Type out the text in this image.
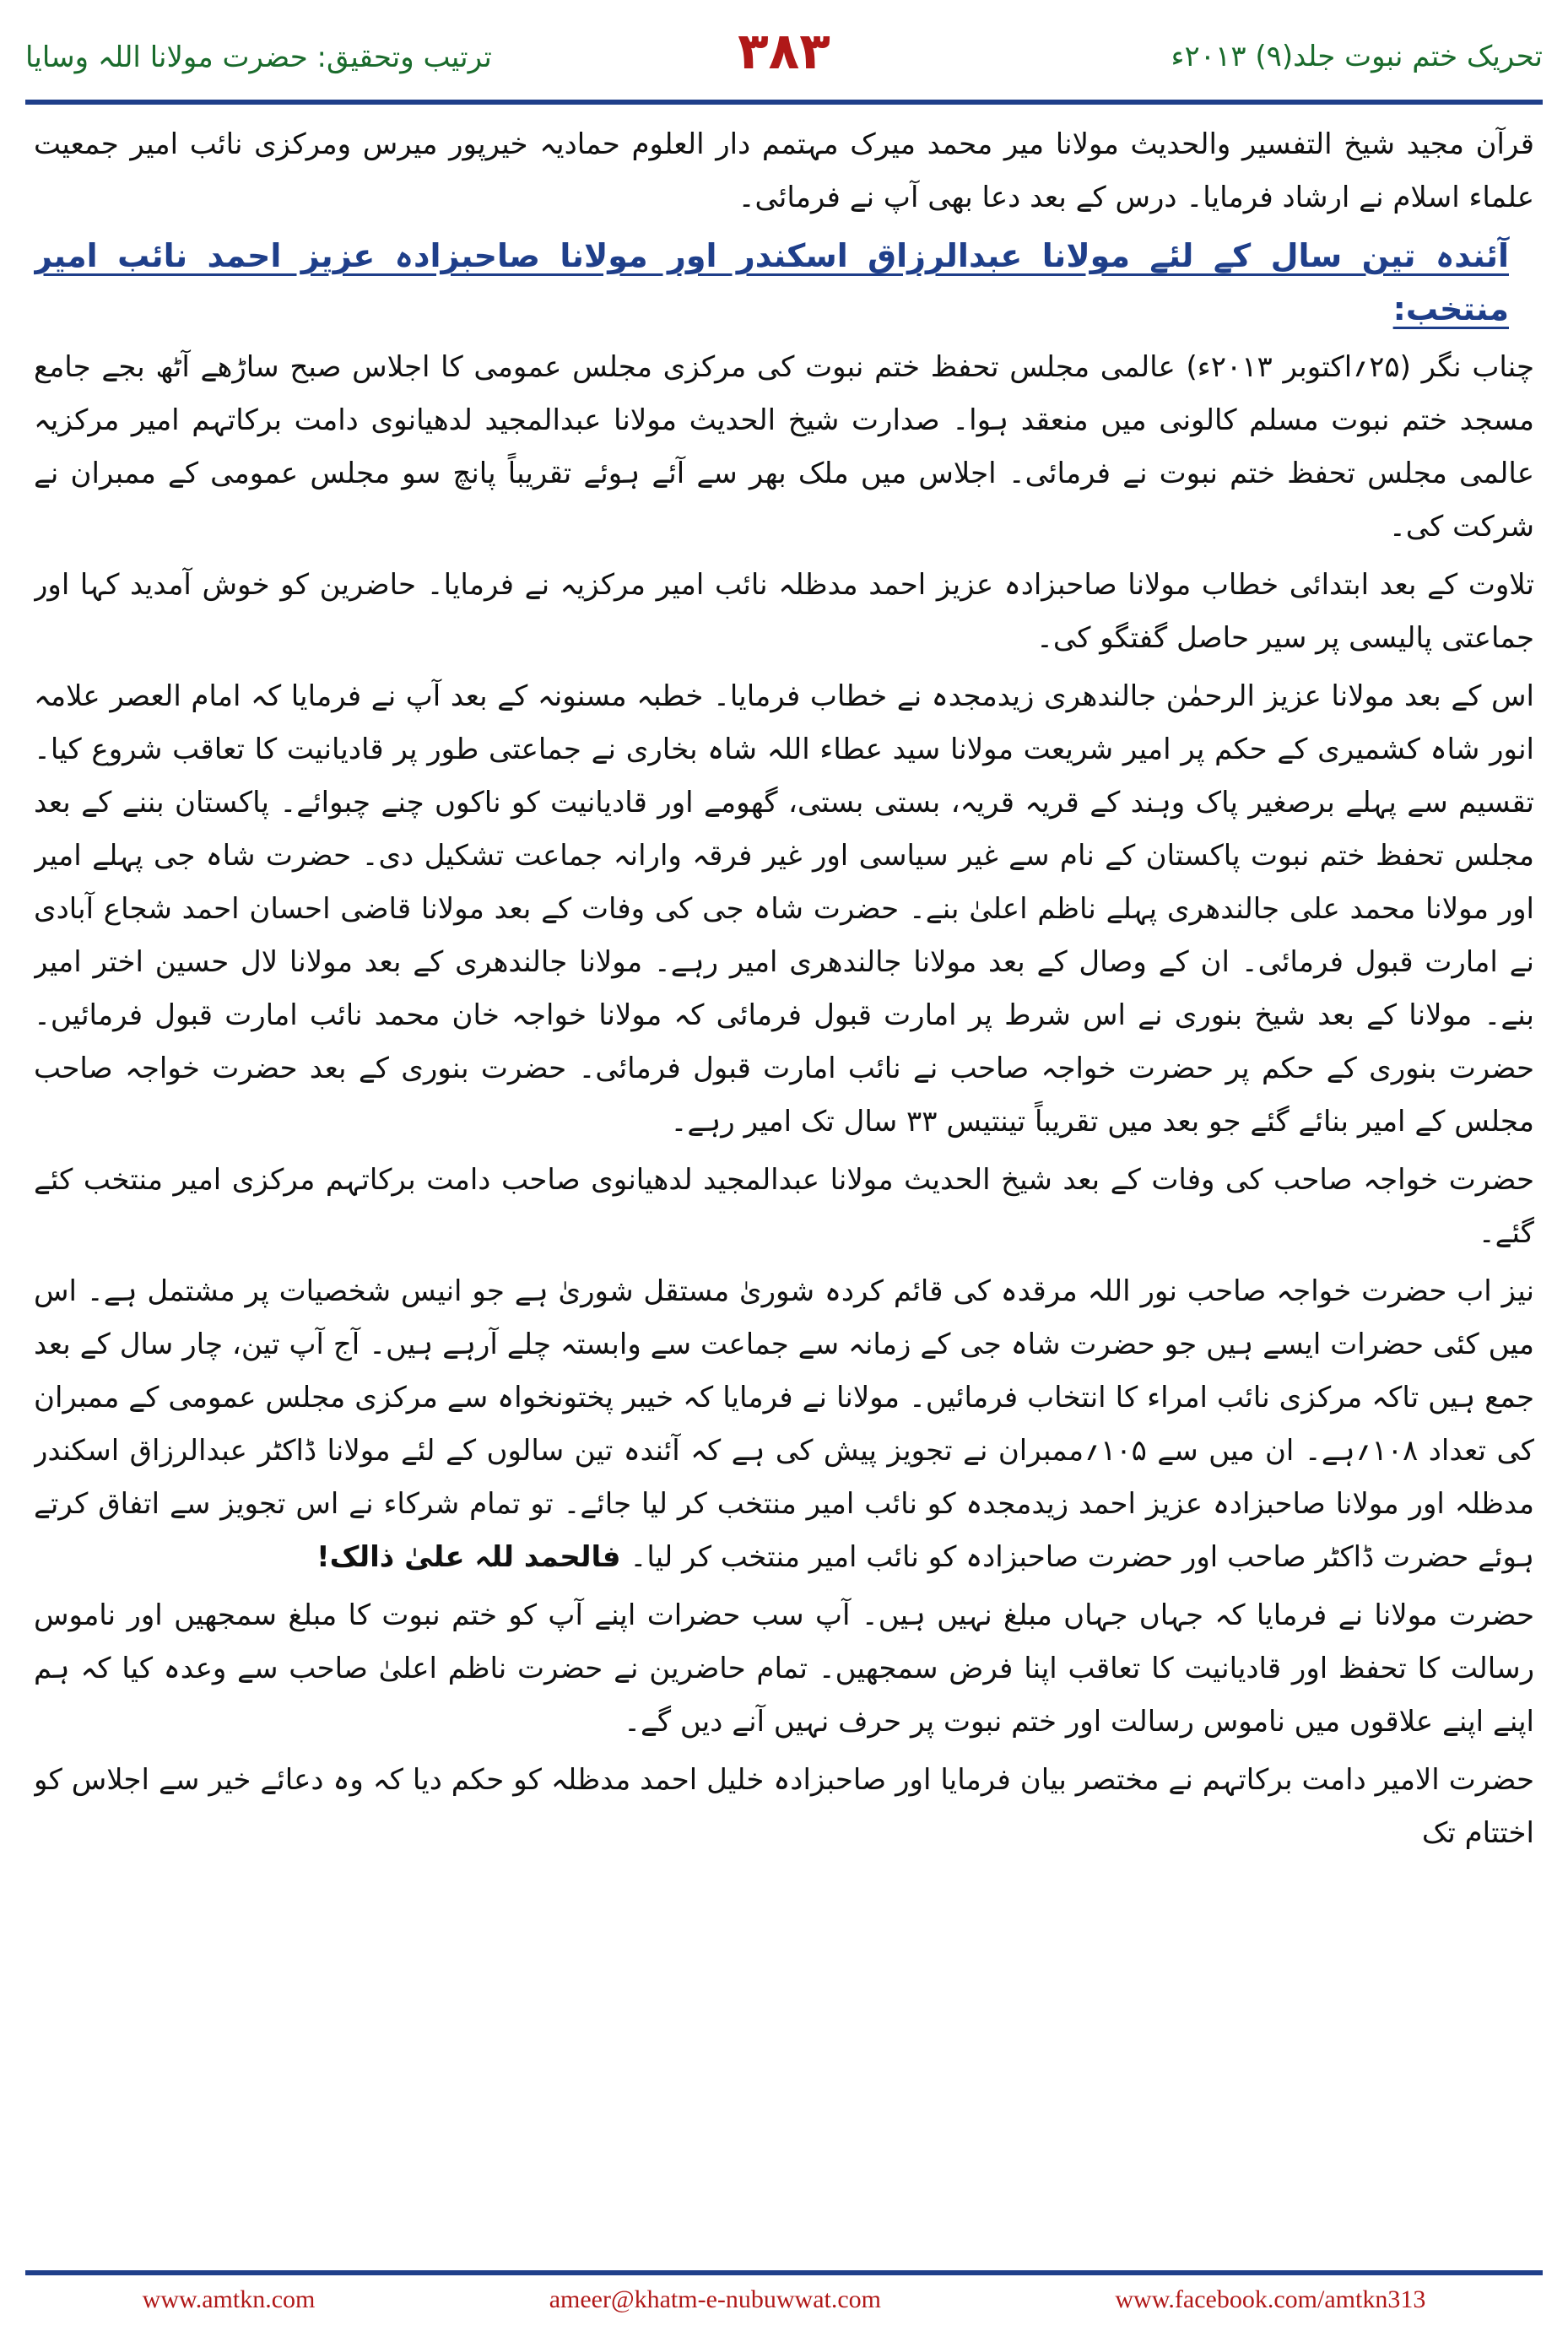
ترتیب وتحقیق: حضرت مولانا اللہ وسایا	۳۸۳	تحریک ختم نبوت جلد(۹) ۲۰۱۳ء

قرآن مجید شیخ التفسیر والحدیث مولانا میر محمد میرک مہتمم دار العلوم حمادیہ خیرپور میرس ومرکزی نائب امیر جمعیت علماء اسلام نے ارشاد فرمایا۔ درس کے بعد دعا بھی آپ نے فرمائی۔

آئندہ تین سال کے لئے مولانا عبدالرزاق اسکندر اور مولانا صاحبزادہ عزیز احمد نائب امیر منتخب:

چناب نگر (۲۵؍اکتوبر ۲۰۱۳ء) عالمی مجلس تحفظ ختم نبوت کی مرکزی مجلس عمومی کا اجلاس صبح ساڑھے آٹھ بجے جامع مسجد ختم نبوت مسلم کالونی میں منعقد ہوا۔ صدارت شیخ الحدیث مولانا عبدالمجید لدھیانوی دامت برکاتہم امیر مرکزیہ عالمی مجلس تحفظ ختم نبوت نے فرمائی۔ اجلاس میں ملک بھر سے آئے ہوئے تقریباً پانچ سو مجلس عمومی کے ممبران نے شرکت کی۔

تلاوت کے بعد ابتدائی خطاب مولانا صاحبزادہ عزیز احمد مدظلہ نائب امیر مرکزیہ نے فرمایا۔ حاضرین کو خوش آمدید کہا اور جماعتی پالیسی پر سیر حاصل گفتگو کی۔

اس کے بعد مولانا عزیز الرحمٰن جالندھری زیدمجدہ نے خطاب فرمایا۔ خطبہ مسنونہ کے بعد آپ نے فرمایا کہ امام العصر علامہ انور شاہ کشمیری کے حکم پر امیر شریعت مولانا سید عطاء اللہ شاہ بخاری نے جماعتی طور پر قادیانیت کا تعاقب شروع کیا۔ تقسیم سے پہلے برصغیر پاک وہند کے قریہ قریہ، بستی بستی، گھومے اور قادیانیت کو ناکوں چنے چبوائے۔ پاکستان بننے کے بعد مجلس تحفظ ختم نبوت پاکستان کے نام سے غیر سیاسی اور غیر فرقہ وارانہ جماعت تشکیل دی۔ حضرت شاہ جی پہلے امیر اور مولانا محمد علی جالندھری پہلے ناظم اعلیٰ بنے۔ حضرت شاہ جی کی وفات کے بعد مولانا قاضی احسان احمد شجاع آبادی نے امارت قبول فرمائی۔ ان کے وصال کے بعد مولانا جالندھری امیر رہے۔ مولانا جالندھری کے بعد مولانا لال حسین اختر امیر بنے۔ مولانا کے بعد شیخ بنوری نے اس شرط پر امارت قبول فرمائی کہ مولانا خواجہ خان محمد نائب امارت قبول فرمائیں۔ حضرت بنوری کے حکم پر حضرت خواجہ صاحب نے نائب امارت قبول فرمائی۔ حضرت بنوری کے بعد حضرت خواجہ صاحب مجلس کے امیر بنائے گئے جو بعد میں تقریباً تینتیس ۳۳ سال تک امیر رہے۔

حضرت خواجہ صاحب کی وفات کے بعد شیخ الحدیث مولانا عبدالمجید لدھیانوی صاحب دامت برکاتہم مرکزی امیر منتخب کئے گئے۔

نیز اب حضرت خواجہ صاحب نور اللہ مرقدہ کی قائم کردہ شوریٰ مستقل شوریٰ ہے جو انیس شخصیات پر مشتمل ہے۔ اس میں کئی حضرات ایسے ہیں جو حضرت شاہ جی کے زمانہ سے جماعت سے وابستہ چلے آرہے ہیں۔ آج آپ تین، چار سال کے بعد جمع ہیں تاکہ مرکزی نائب امراء کا انتخاب فرمائیں۔ مولانا نے فرمایا کہ خیبر پختونخواہ سے مرکزی مجلس عمومی کے ممبران کی تعداد ۱۰۸؍ہے۔ ان میں سے ۱۰۵؍ممبران نے تجویز پیش کی ہے کہ آئندہ تین سالوں کے لئے مولانا ڈاکٹر عبدالرزاق اسکندر مدظلہ اور مولانا صاحبزادہ عزیز احمد زیدمجدہ کو نائب امیر منتخب کر لیا جائے۔ تو تمام شرکاء نے اس تجویز سے اتفاق کرتے ہوئے حضرت ڈاکٹر صاحب اور حضرت صاحبزادہ کو نائب امیر منتخب کر لیا۔ فالحمد للہ علیٰ ذالک!

حضرت مولانا نے فرمایا کہ جہاں جہاں مبلغ نہیں ہیں۔ آپ سب حضرات اپنے آپ کو ختم نبوت کا مبلغ سمجھیں اور ناموس رسالت کا تحفظ اور قادیانیت کا تعاقب اپنا فرض سمجھیں۔ تمام حاضرین نے حضرت ناظم اعلیٰ صاحب سے وعدہ کیا کہ ہم اپنے اپنے علاقوں میں ناموس رسالت اور ختم نبوت پر حرف نہیں آنے دیں گے۔

حضرت الامیر دامت برکاتہم نے مختصر بیان فرمایا اور صاحبزادہ خلیل احمد مدظلہ کو حکم دیا کہ وہ دعائے خیر سے اجلاس کو اختتام تک

www.amtkn.com	ameer@khatm-e-nubuwwat.com	www.facebook.com/amtkn313
